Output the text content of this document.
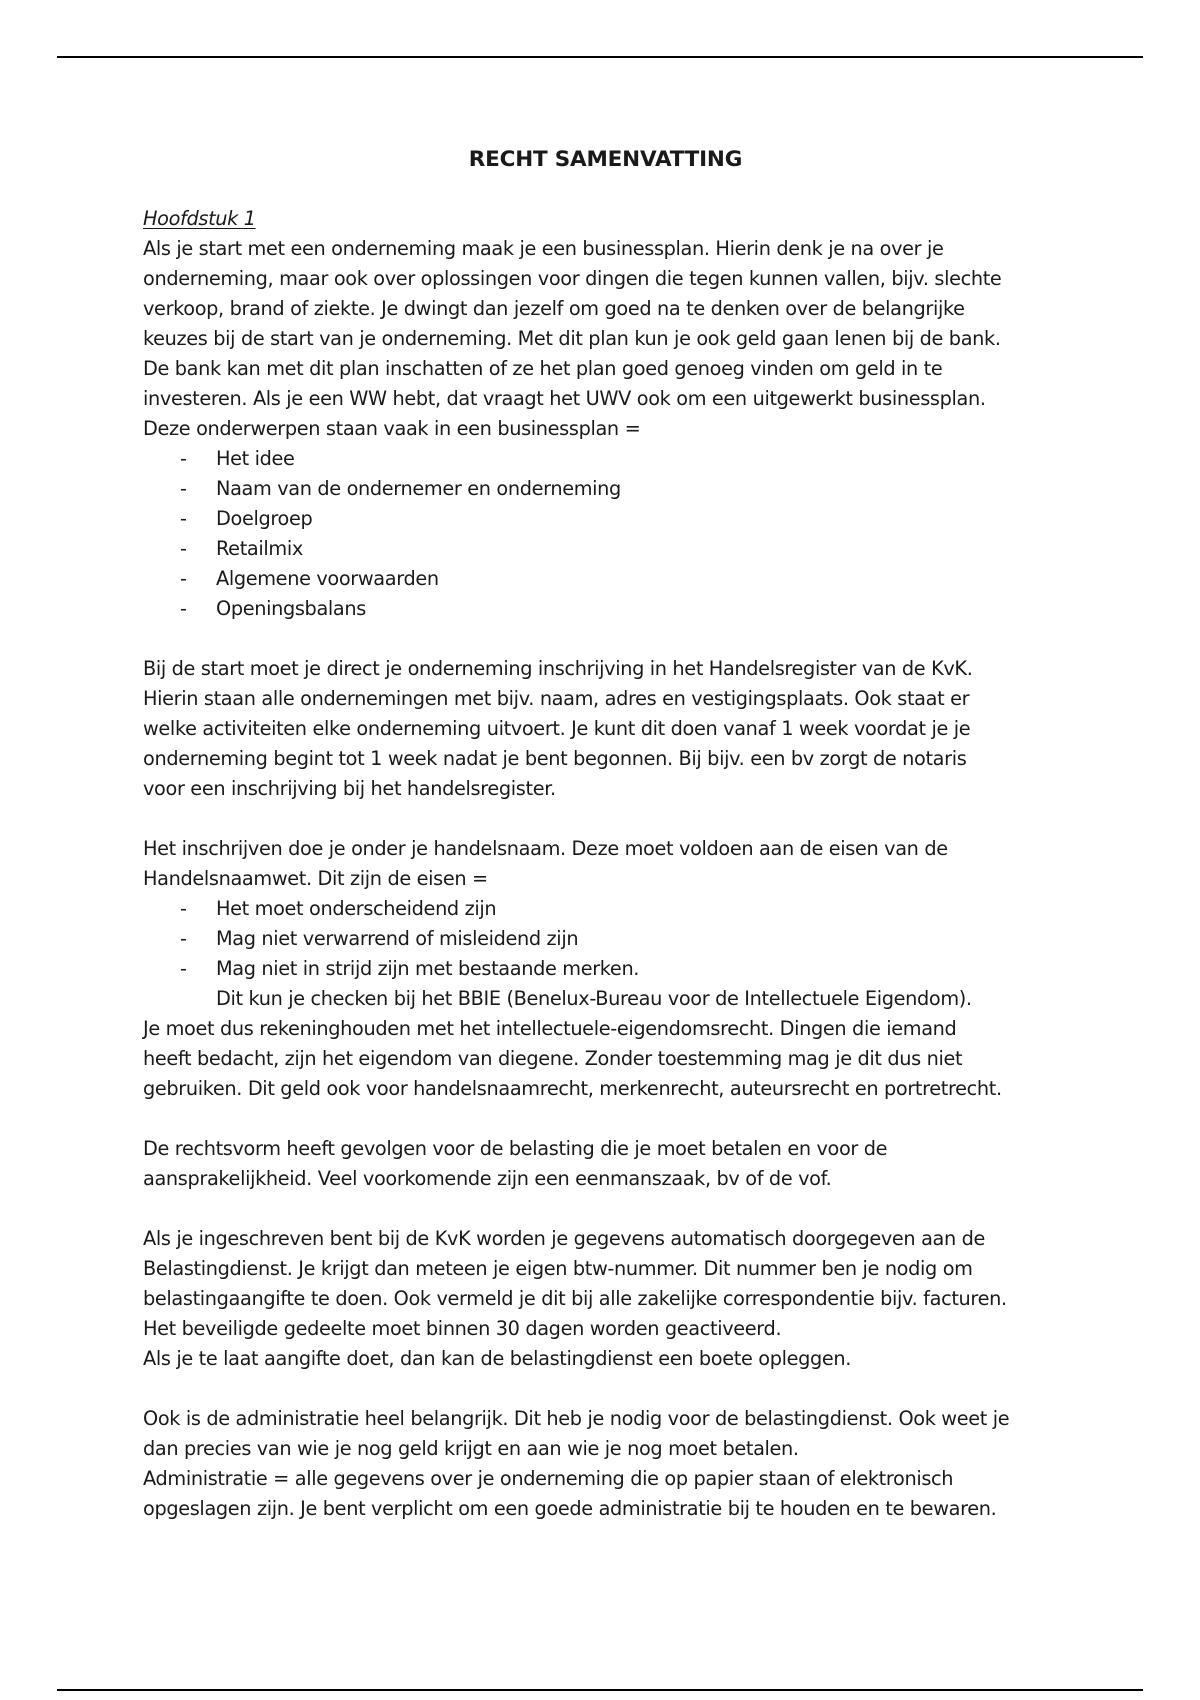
RECHT SAMENVATTING
Hoofdstuk 1

Als je start met een onderneming maak je een businessplan. Hierin denk je na over je

onderneming, maar ook over oplossingen voor dingen die tegen kunnen vallen, bijv. slechte

verkoop, brand of ziekte. Je dwingt dan jezelf om goed na te denken over de belangrijke

keuzes bij de start van je onderneming. Met dit plan kun je ook geld gaan lenen bij de bank.

De bank kan met dit plan inschatten of ze het plan goed genoeg vinden om geld in te

investeren. Als je een WW hebt, dat vraagt het UWV ook om een uitgewerkt businessplan.

Deze onderwerpen staan vaak in een businessplan =

- Het idee
- Naam van de ondernemer en onderneming
- Doelgroep
- Retailmix
- Algemene voorwaarden
- Openingsbalans

Bij de start moet je direct je onderneming inschrijving in het Handelsregister van de KvK.

Hierin staan alle ondernemingen met bijv. naam, adres en vestigingsplaats. Ook staat er

welke activiteiten elke onderneming uitvoert. Je kunt dit doen vanaf 1 week voordat je je

onderneming begint tot 1 week nadat je bent begonnen. Bij bijv. een bv zorgt de notaris

voor een inschrijving bij het handelsregister.

Het inschrijven doe je onder je handelsnaam. Deze moet voldoen aan de eisen van de

Handelsnaamwet. Dit zijn de eisen =

- Het moet onderscheidend zijn
- Mag niet verwarrend of misleidend zijn
- Mag niet in strijd zijn met bestaande merken.

Dit kun je checken bij het BBIE (Benelux-Bureau voor de Intellectuele Eigendom).

Je moet dus rekeninghouden met het intellectuele-eigendomsrecht. Dingen die iemand

heeft bedacht, zijn het eigendom van diegene. Zonder toestemming mag je dit dus niet

gebruiken. Dit geld ook voor handelsnaamrecht, merkenrecht, auteursrecht en portretrecht.

De rechtsvorm heeft gevolgen voor de belasting die je moet betalen en voor de

aansprakelijkheid. Veel voorkomende zijn een eenmanszaak, bv of de vof.

Als je ingeschreven bent bij de KvK worden je gegevens automatisch doorgegeven aan de

Belastingdienst. Je krijgt dan meteen je eigen btw-nummer. Dit nummer ben je nodig om

belastingaangifte te doen. Ook vermeld je dit bij alle zakelijke correspondentie bijv. facturen.

Het beveiligde gedeelte moet binnen 30 dagen worden geactiveerd.

Als je te laat aangifte doet, dan kan de belastingdienst een boete opleggen.

Ook is de administratie heel belangrijk. Dit heb je nodig voor de belastingdienst. Ook weet je

dan precies van wie je nog geld krijgt en aan wie je nog moet betalen.

Administratie = alle gegevens over je onderneming die op papier staan of elektronisch

opgeslagen zijn. Je bent verplicht om een goede administratie bij te houden en te bewaren.
